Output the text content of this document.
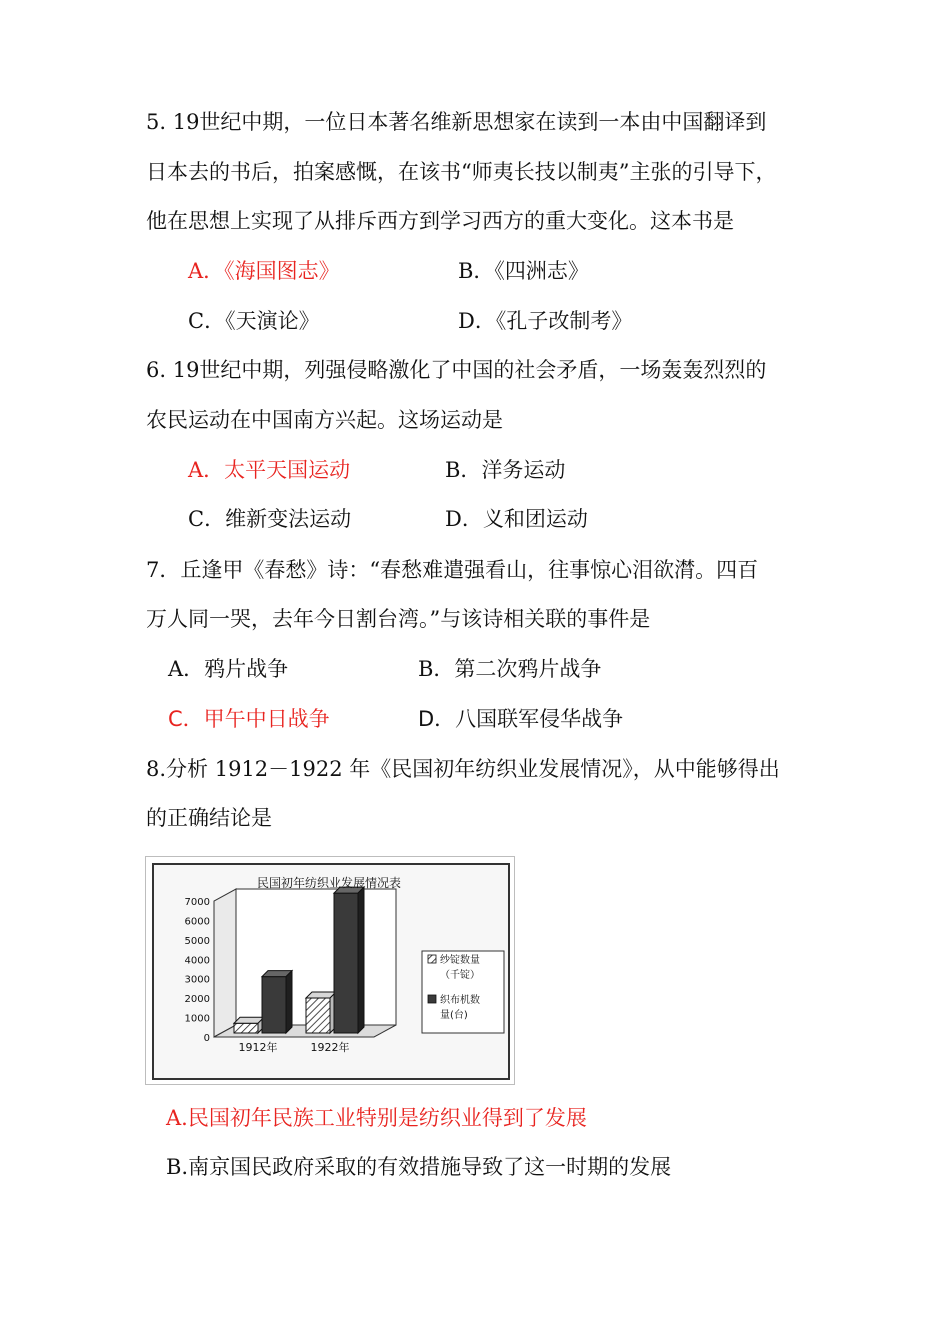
5. 19世纪中期，一位日本著名维新思想家在读到一本由中国翻译到
日本去的书后，拍案感慨，在该书“师夷长技以制夷”主张的引导下，
他在思想上实现了从排斥西方到学习西方的重大变化。这本书是
A．《海国图志》	B．《四洲志》
C．《天演论》	D．《孔子改制考》
6. 19世纪中期，列强侵略激化了中国的社会矛盾，一场轰轰烈烈的
农民运动在中国南方兴起。这场运动是
A．太平天国运动	B．洋务运动
C．维新变法运动	D．义和团运动
7．丘逢甲《春愁》诗：“春愁难遣强看山，往事惊心泪欲潸。四百
万人同一哭，去年今日割台湾。”与该诗相关联的事件是
A．鸦片战争	B．第二次鸦片战争
C．甲午中日战争	D．八国联军侵华战争
8.分析 1912－1922 年《民国初年纺织业发展情况》，从中能够得出
的正确结论是
民国初年纺织业发展情况表
0
1000
2000
3000
4000
5000
6000
7000
1912年	1922年
纱锭数量
（千锭）
织布机数
量(台)
A.民国初年民族工业特别是纺织业得到了发展
B.南京国民政府采取的有效措施导致了这一时期的发展
